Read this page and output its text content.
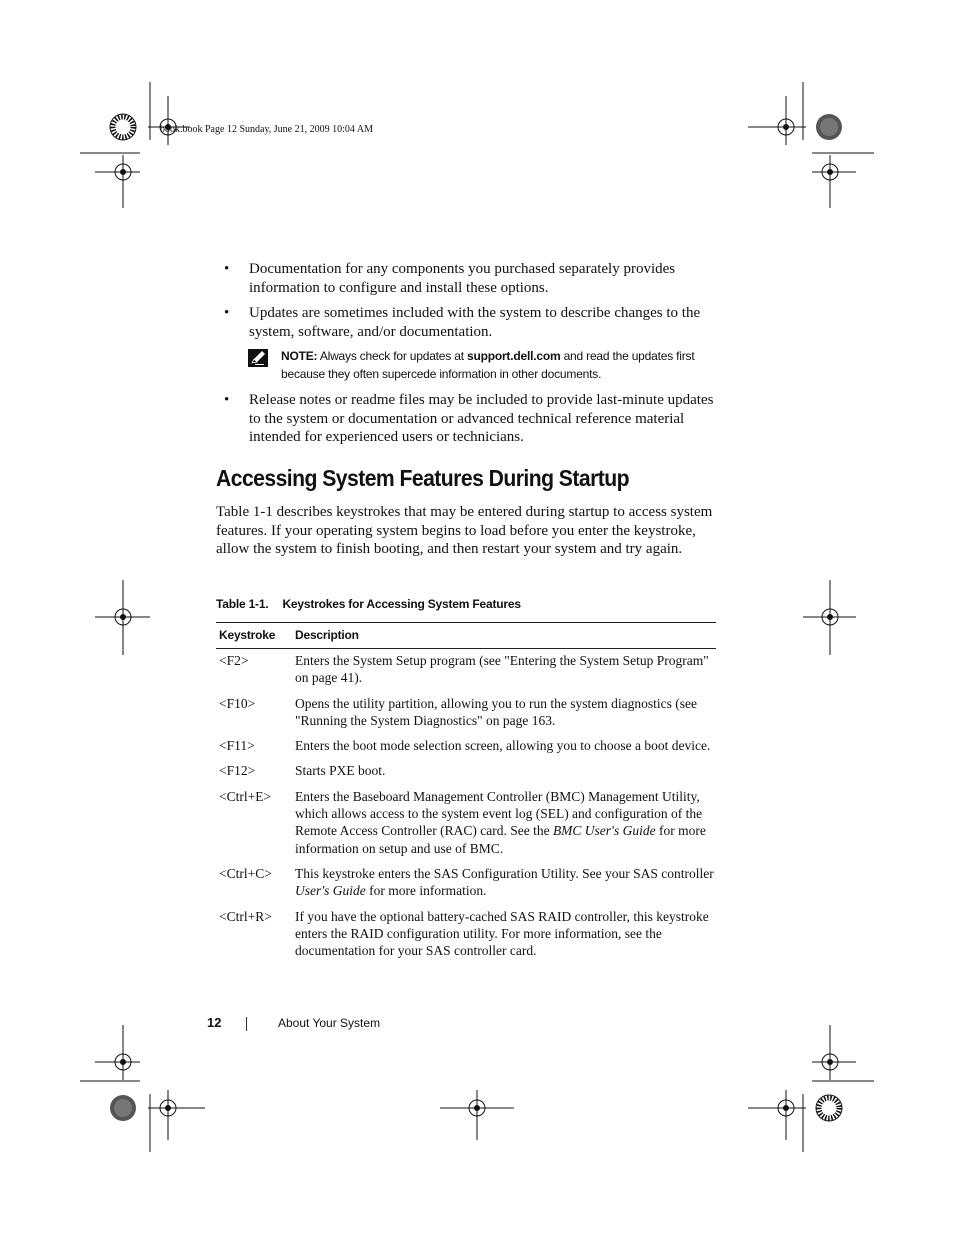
book.book Page 12 Sunday, June 21, 2009 10:04 AM
• Documentation for any components you purchased separately provides information to configure and install these options.
• Updates are sometimes included with the system to describe changes to the system, software, and/or documentation.
NOTE: Always check for updates at support.dell.com and read the updates first because they often supercede information in other documents.
• Release notes or readme files may be included to provide last-minute updates to the system or documentation or advanced technical reference material intended for experienced users or technicians.
Accessing System Features During Startup

Table 1-1 describes keystrokes that may be entered during startup to access system features. If your operating system begins to load before you enter the keystroke, allow the system to finish booting, and then restart your system and try again.

Table 1-1. Keystrokes for Accessing System Features
Keystroke	Description
<F2>	Enters the System Setup program (see "Entering the System Setup Program" on page 41).
<F10>	Opens the utility partition, allowing you to run the system diagnostics (see "Running the System Diagnostics" on page 163.
<F11>	Enters the boot mode selection screen, allowing you to choose a boot device.
<F12>	Starts PXE boot.
<Ctrl+E>	Enters the Baseboard Management Controller (BMC) Management Utility, which allows access to the system event log (SEL) and configuration of the Remote Access Controller (RAC) card. See the BMC User's Guide for more information on setup and use of BMC.
<Ctrl+C>	This keystroke enters the SAS Configuration Utility. See your SAS controller User's Guide for more information.
<Ctrl+R>	If you have the optional battery-cached SAS RAID controller, this keystroke enters the RAID configuration utility. For more information, see the documentation for your SAS controller card.
12	About Your System
